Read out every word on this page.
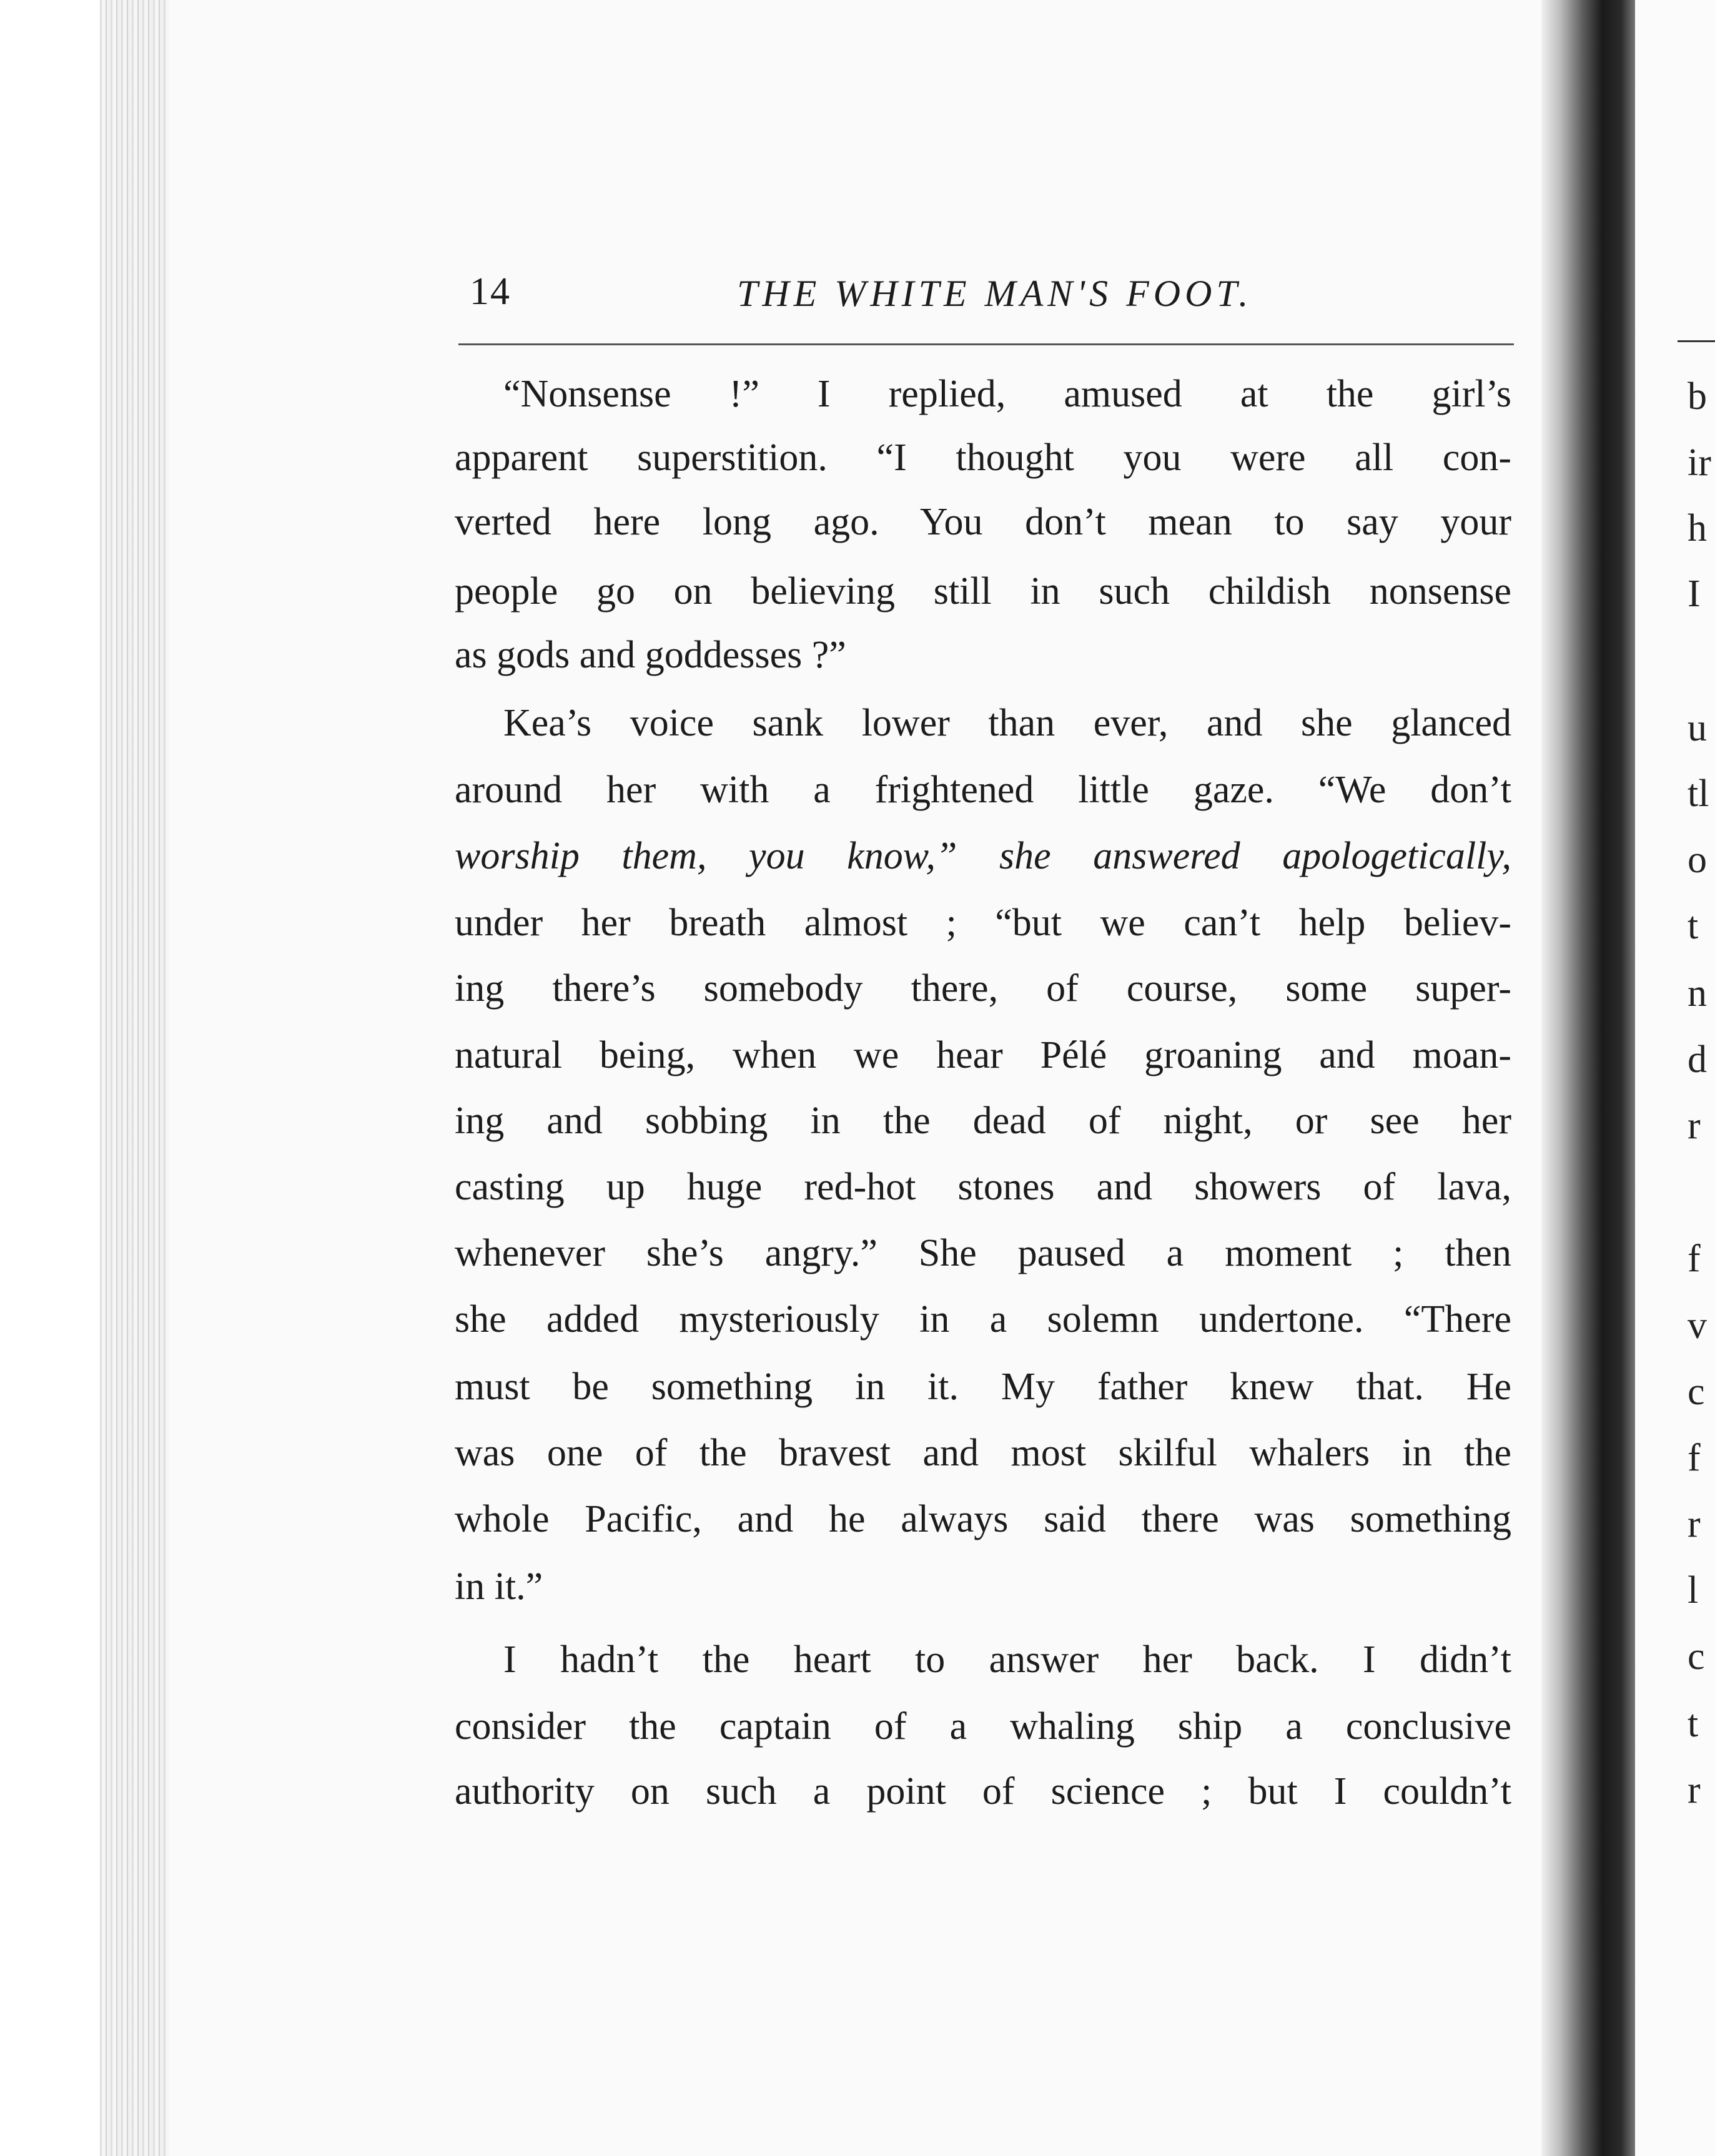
14	THE WHITE MAN'S FOOT.
“Nonsense !” I replied, amused at the girl’s
apparent superstition. “I thought you were all con-
verted here long ago. You don’t mean to say your
people go on believing still in such childish nonsense
as gods and goddesses ?”
Kea’s voice sank lower than ever, and she glanced
around her with a frightened little gaze. “We don’t
worship them, you know,” she answered apologetically,
under her breath almost ; “but we can’t help believ-
ing there’s somebody there, of course, some super-
natural being, when we hear Pélé groaning and moan-
ing and sobbing in the dead of night, or see her
casting up huge red-hot stones and showers of lava,
whenever she’s angry.” She paused a moment ; then
she added mysteriously in a solemn undertone. “There
must be something in it. My father knew that. He
was one of the bravest and most skilful whalers in the
whole Pacific, and he always said there was something
in it.”
I hadn’t the heart to answer her back. I didn’t
consider the captain of a whaling ship a conclusive
authority on such a point of science ; but I couldn’t
b
ir
h
I
u
tl
o
t
n
d
r
f
v
c
f
r
l
c
t
r
